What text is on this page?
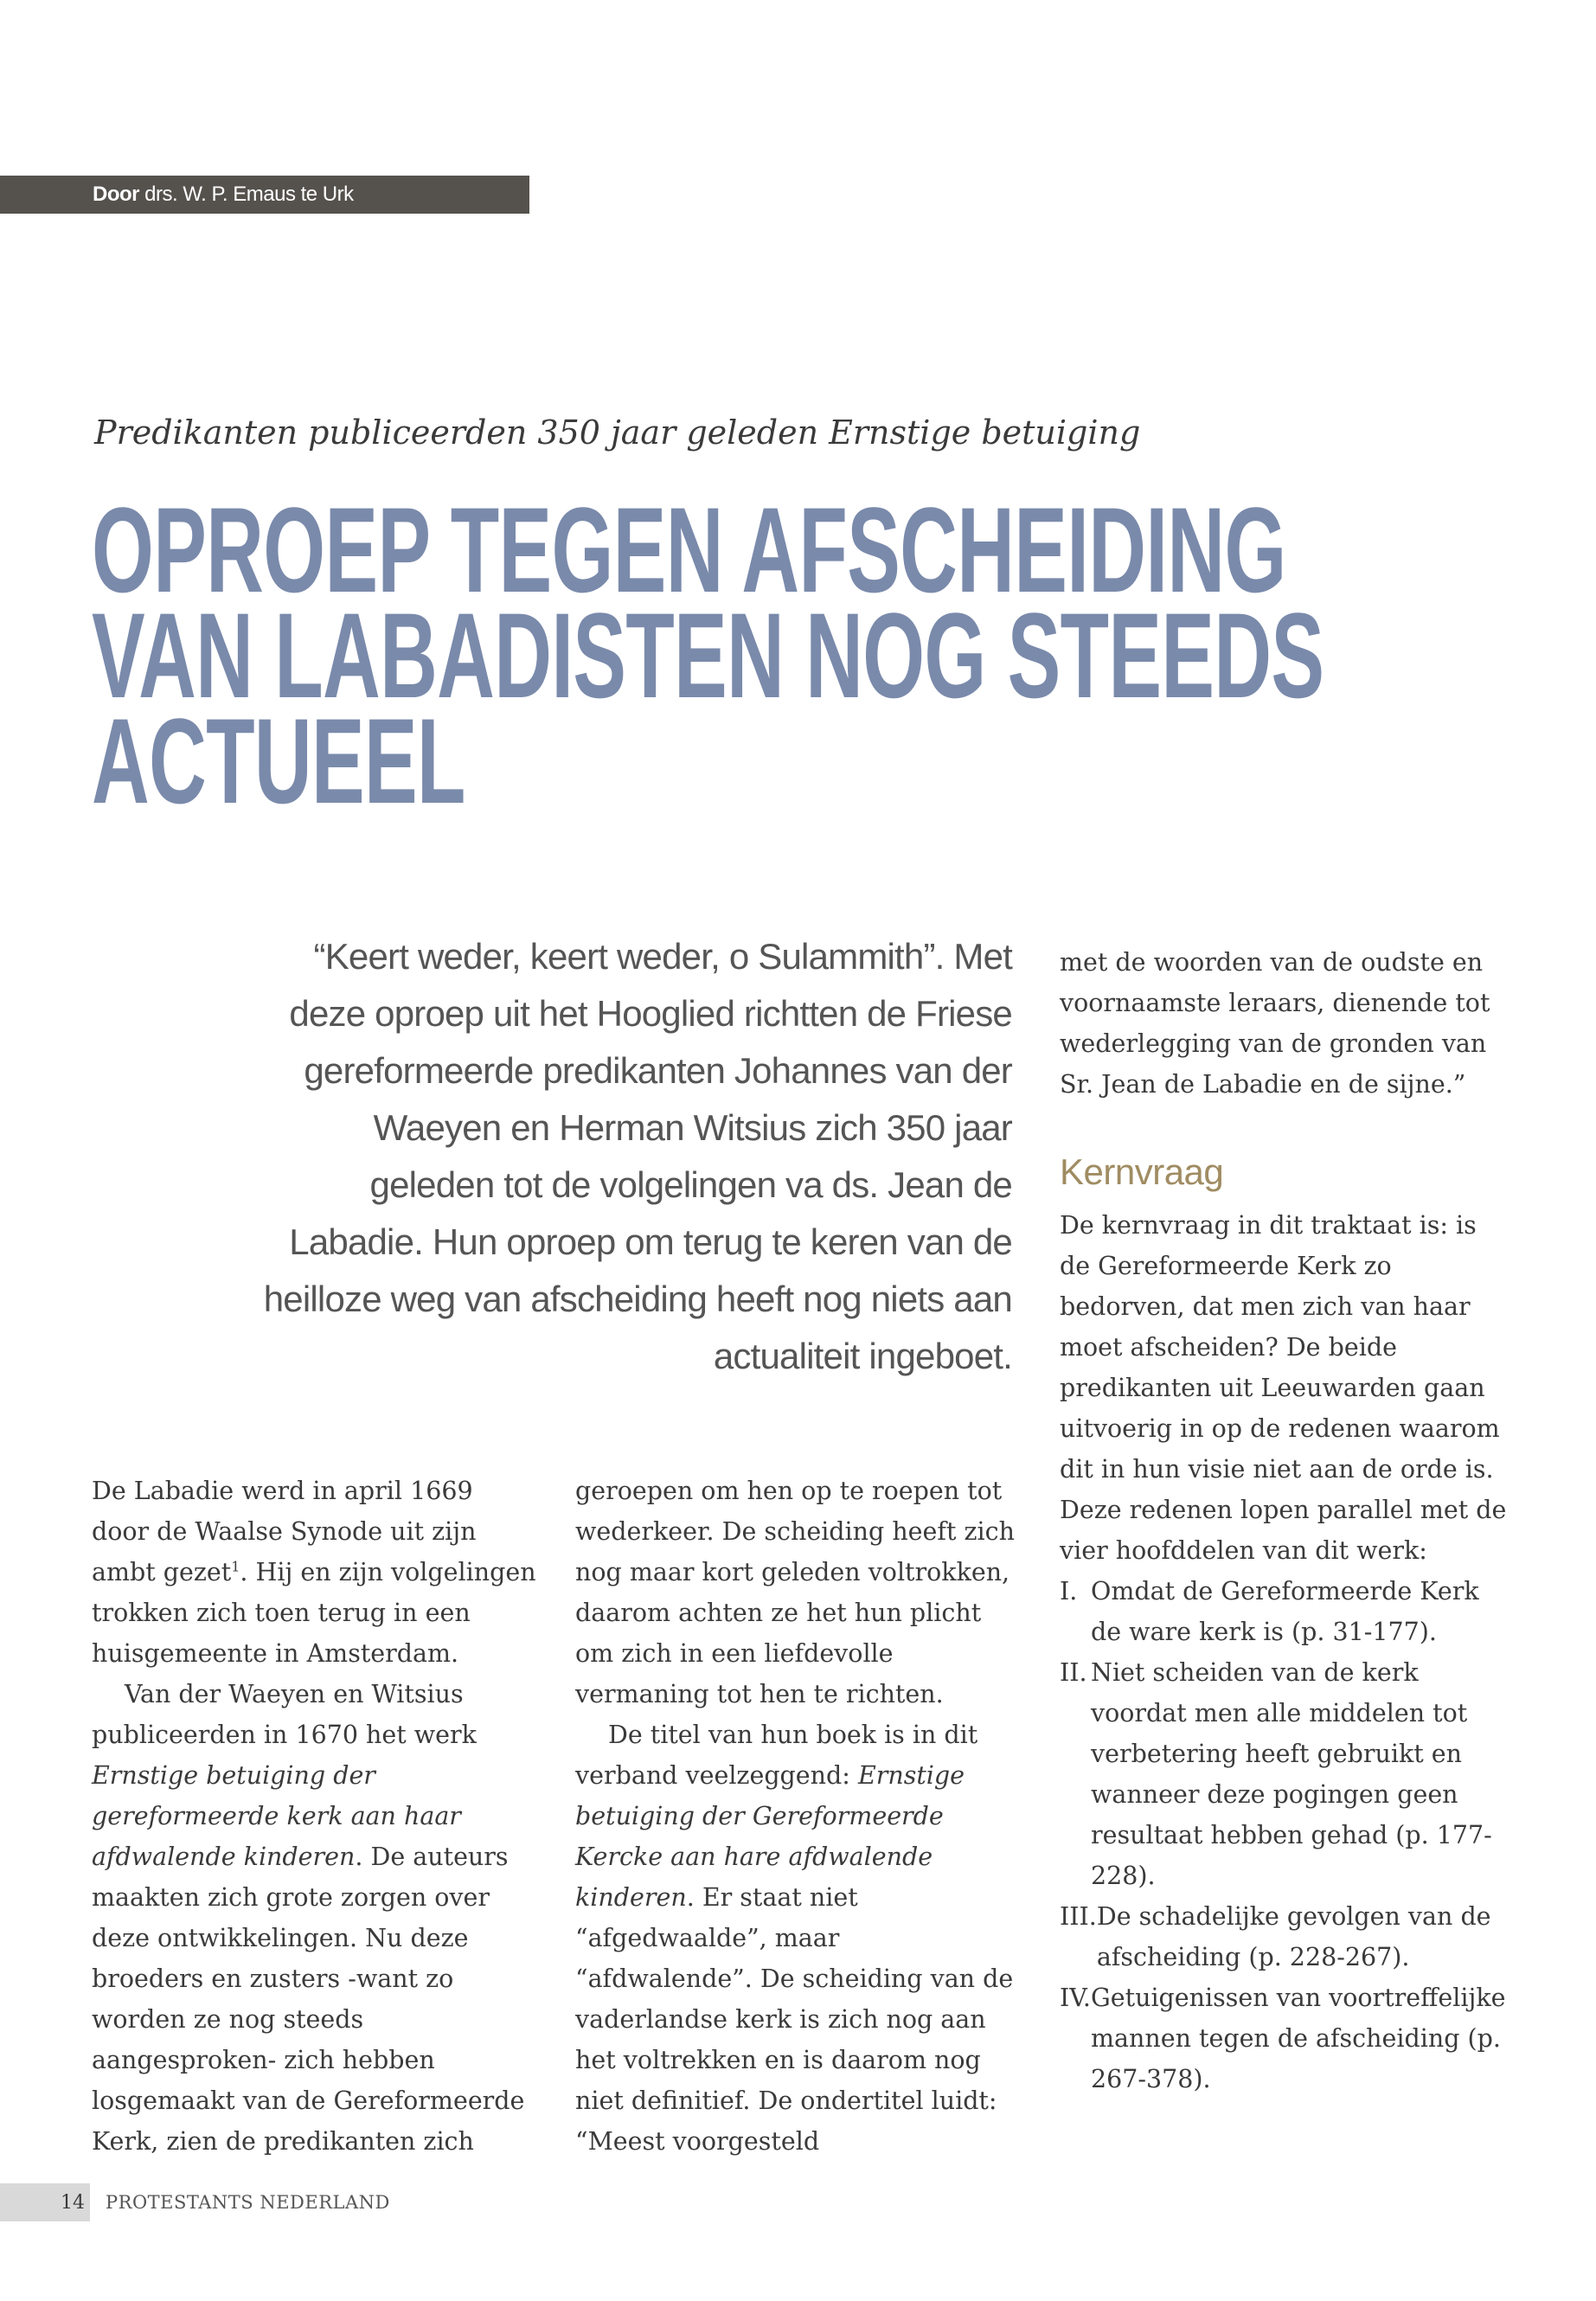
Door drs. W. P. Emaus te Urk
Predikanten publiceerden 350 jaar geleden Ernstige betuiging
OPROEP TEGEN AFSCHEIDING
VAN LABADISTEN NOG STEEDS
ACTUEEL
“Keert weder, keert weder, o Sulammith”. Met deze oproep uit het Hooglied richtten de Friese gereformeerde predikanten Johannes van der Waeyen en Herman Witsius zich 350 jaar geleden tot de volgelingen va ds. Jean de Labadie. Hun oproep om terug te keren van de heilloze weg van afscheiding heeft nog niets aan actualiteit ingeboet.

De Labadie werd in april 1669 door de Waalse Synode uit zijn ambt gezet$^1$. Hij en zijn volgelingen trokken zich toen terug in een huisgemeente in Amsterdam.

Van der Waeyen en Witsius publiceerden in 1670 het werk Ernstige betuiging der gereformeerde kerk aan haar afdwalende kinderen. De auteurs maakten zich grote zorgen over deze ontwikkelingen. Nu deze broeders en zusters -want zo worden ze nog steeds aangesproken- zich hebben losgemaakt van de Gereformeerde Kerk, zien de predikanten zich

geroepen om hen op te roepen tot wederkeer. De scheiding heeft zich nog maar kort geleden voltrokken, daarom achten ze het hun plicht om zich in een liefdevolle vermaning tot hen te richten.

De titel van hun boek is in dit verband veelzeggend: Ernstige betuiging der Gereformeerde Kercke aan hare afdwalende kinderen. Er staat niet “afgedwaalde”, maar “afdwalende”. De scheiding van de vaderlandse kerk is zich nog aan het voltrekken en is daarom nog niet definitief. De ondertitel luidt: “Meest voorgesteld

met de woorden van de oudste en voornaamste leraars, dienende tot wederlegging van de gronden van Sr. Jean de Labadie en de sijne.”

Kernvraag

De kernvraag in dit traktaat is: is de Gereformeerde Kerk zo bedorven, dat men zich van haar moet afscheiden? De beide predikanten uit Leeuwarden gaan uitvoerig in op de redenen waarom dit in hun visie niet aan de orde is. Deze redenen lopen parallel met de vier hoofddelen van dit werk:

I. Omdat de Gereformeerde Kerk de ware kerk is (p. 31-177).
II. Niet scheiden van de kerk voordat men alle middelen tot verbetering heeft gebruikt en wanneer deze pogingen geen resultaat hebben gehad (p. 177-228).
III. De schadelijke gevolgen van de afscheiding (p. 228-267).
IV. Getuigenissen van voortreffelijke mannen tegen de afscheiding (p. 267-378).
14 PROTESTANTS NEDERLAND
